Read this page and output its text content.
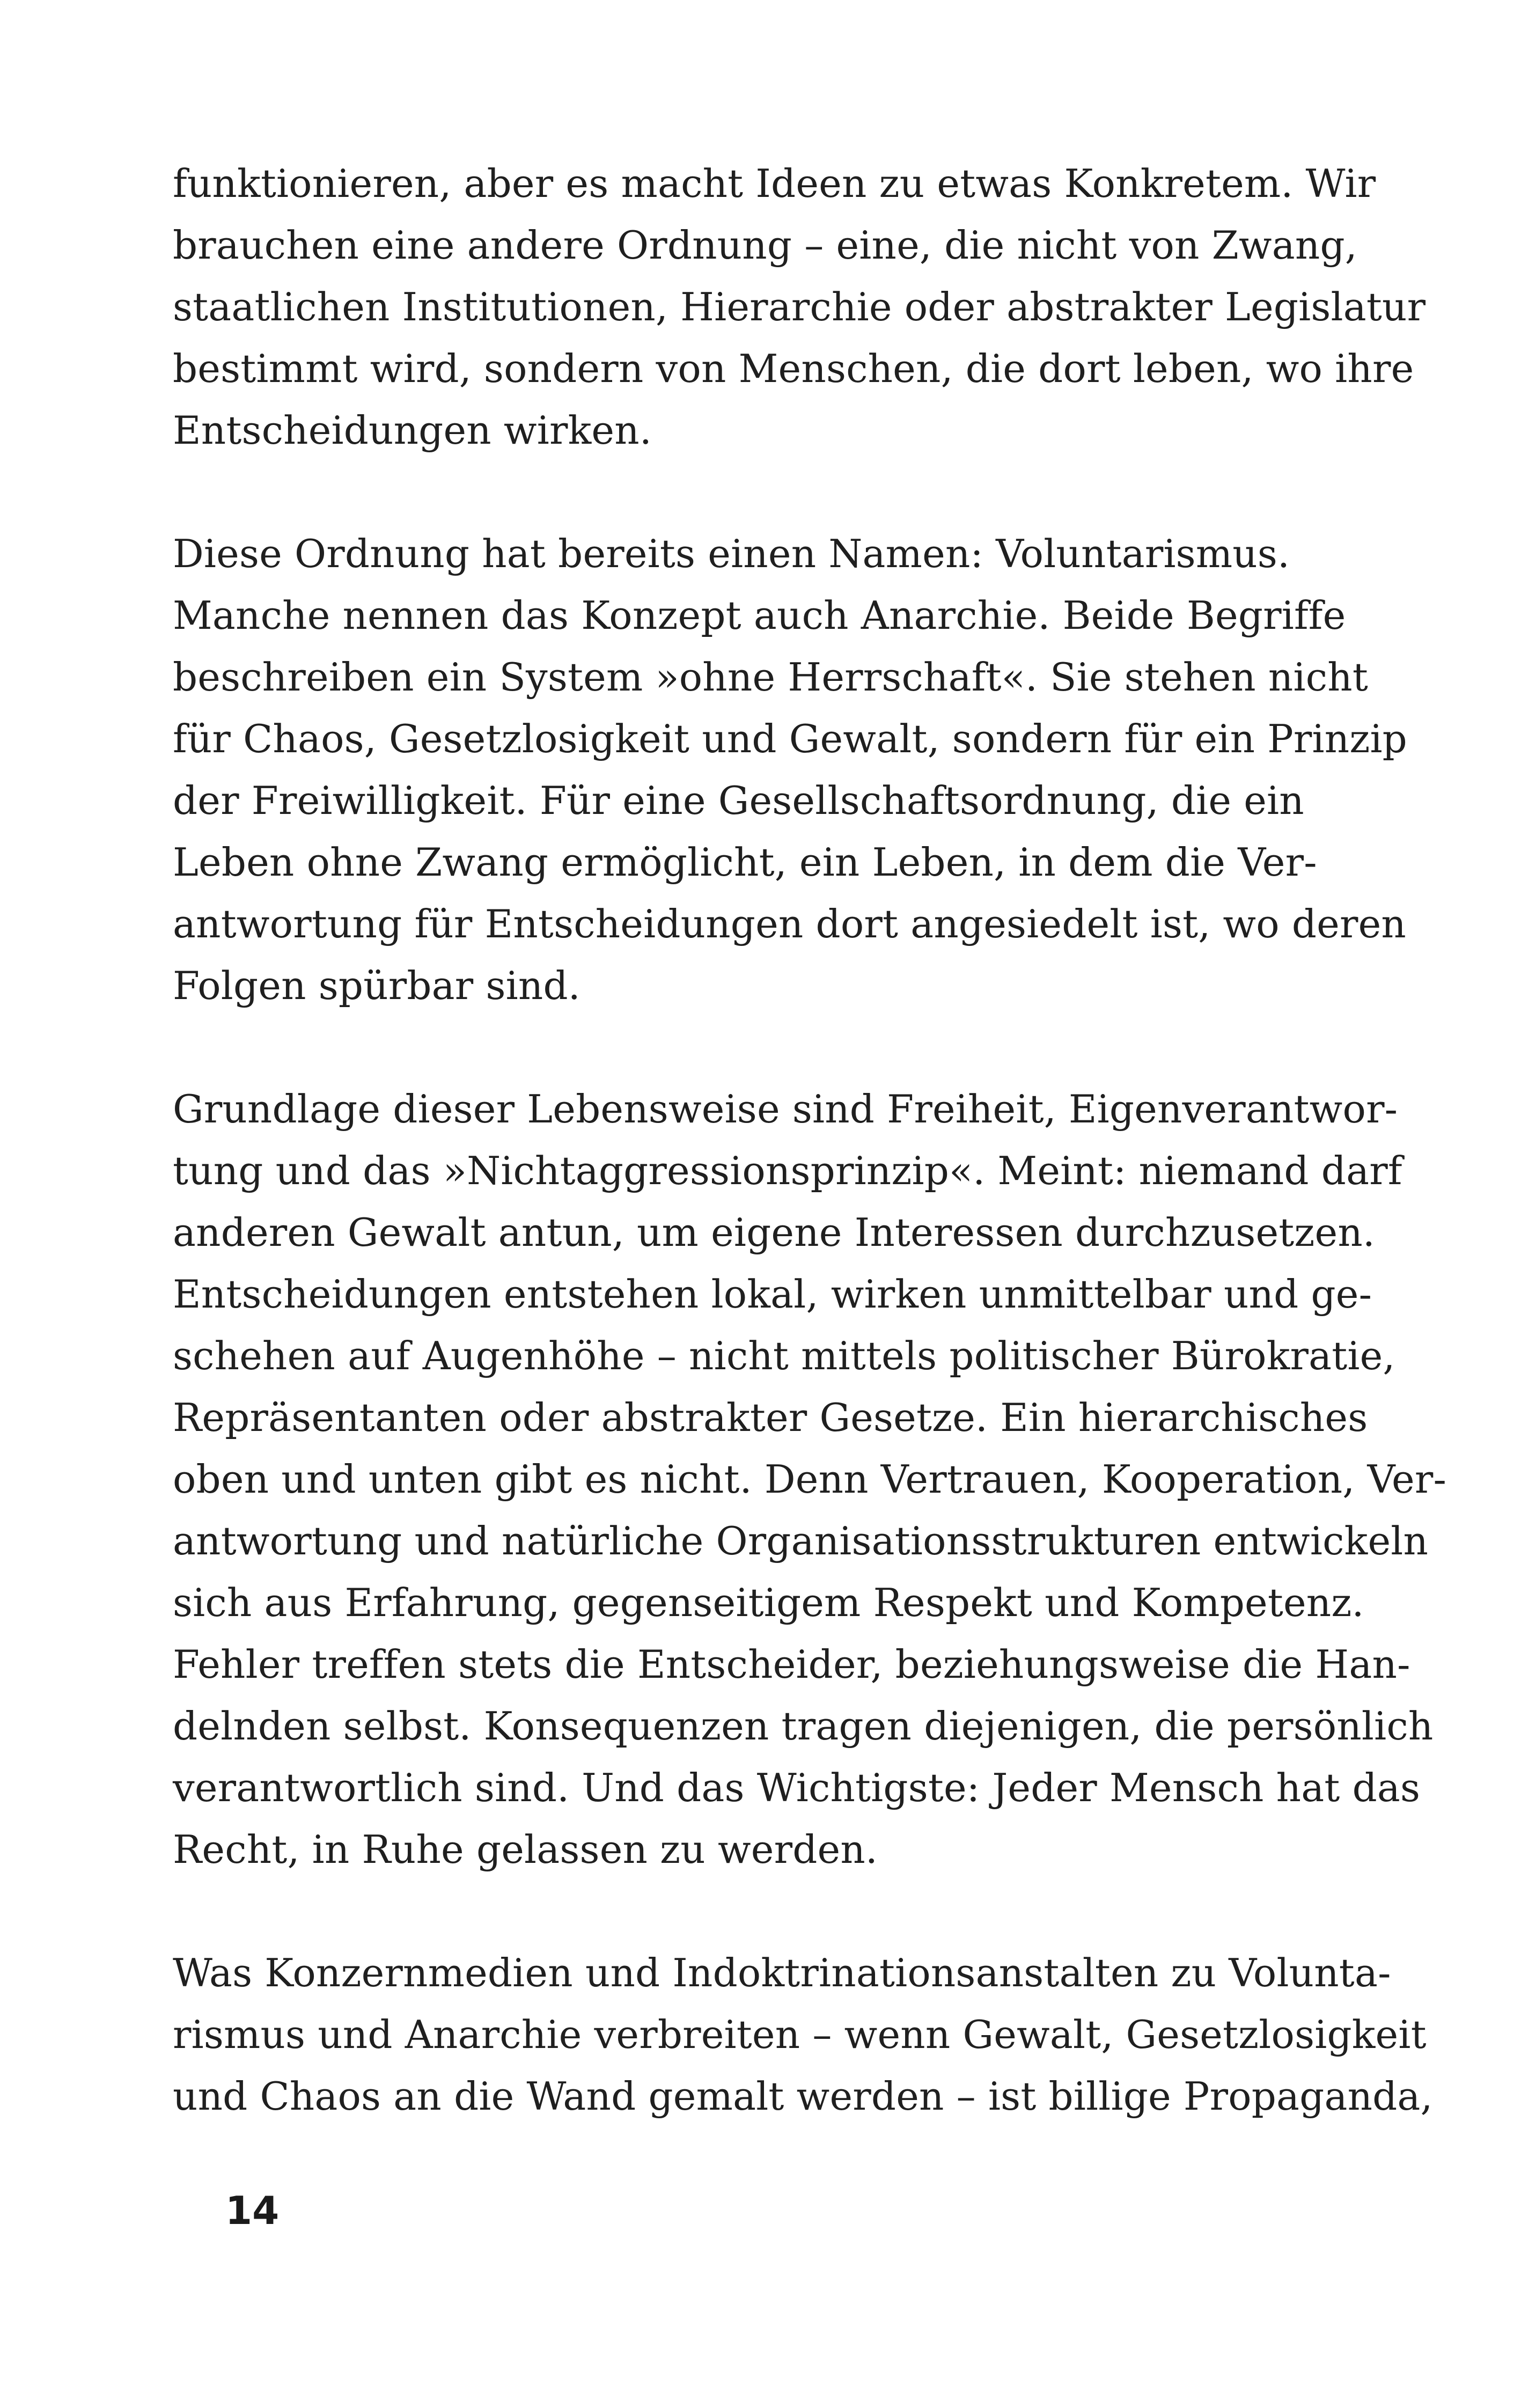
funktionieren, aber es macht Ideen zu etwas Konkretem. Wir
brauchen eine andere Ordnung – eine, die nicht von Zwang,
staatlichen Institutionen, Hierarchie oder abstrakter Legislatur
bestimmt wird, sondern von Menschen, die dort leben, wo ihre
Entscheidungen wirken.

Diese Ordnung hat bereits einen Namen: Voluntarismus.
Manche nennen das Konzept auch Anarchie. Beide Begriffe
beschreiben ein System »ohne Herrschaft«. Sie stehen nicht
für Chaos, Gesetzlosigkeit und Gewalt, sondern für ein Prinzip
der Freiwilligkeit. Für eine Gesellschaftsordnung, die ein
Leben ohne Zwang ermöglicht, ein Leben, in dem die Ver-
antwortung für Entscheidungen dort angesiedelt ist, wo deren
Folgen spürbar sind.

Grundlage dieser Lebensweise sind Freiheit, Eigenverantwor-
tung und das »Nichtaggressionsprinzip«. Meint: niemand darf
anderen Gewalt antun, um eigene Interessen durchzusetzen.
Entscheidungen entstehen lokal, wirken unmittelbar und ge-
schehen auf Augenhöhe – nicht mittels politischer Bürokratie,
Repräsentanten oder abstrakter Gesetze. Ein hierarchisches
oben und unten gibt es nicht. Denn Vertrauen, Kooperation, Ver-
antwortung und natürliche Organisationsstrukturen entwickeln
sich aus Erfahrung, gegenseitigem Respekt und Kompetenz.
Fehler treffen stets die Entscheider, beziehungsweise die Han-
delnden selbst. Konsequenzen tragen diejenigen, die persönlich
verantwortlich sind. Und das Wichtigste: Jeder Mensch hat das
Recht, in Ruhe gelassen zu werden.

Was Konzernmedien und Indoktrinationsanstalten zu Volunta-
rismus und Anarchie verbreiten – wenn Gewalt, Gesetzlosigkeit
und Chaos an die Wand gemalt werden – ist billige Propaganda,

14
